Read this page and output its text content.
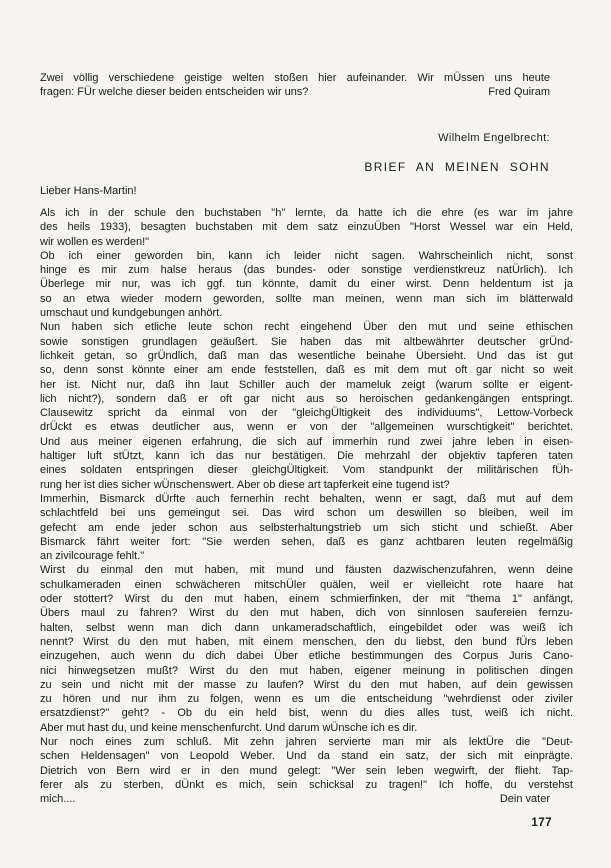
Zwei völlig verschiedene geistige welten stoßen hier aufeinander. Wir mÜssen uns heute
fragen: FÜr welche dieser beiden entscheiden wir uns?	Fred Quiram
Wilhelm Engelbrecht:
BRIEF AN MEINEN SOHN
Lieber Hans-Martin!
Als ich in der schule den buchstaben "h" lernte, da hatte ich die ehre (es war im jahre
des heils 1933), besagten buchstaben mit dem satz einzuÜben "Horst Wessel war ein Held,
wir wollen es werden!"
Ob ich einer geworden bin, kann ich leider nicht sagen. Wahrscheinlich nicht, sonst
hinge es mir zum halse heraus (das bundes- oder sonstige verdienstkreuz natÜrlich). Ich
Überlege mir nur, was ich ggf. tun könnte, damit du einer wirst. Denn heldentum ist ja
so an etwa wieder modern geworden, sollte man meinen, wenn man sich im blätterwald
umschaut und kundgebungen anhört.
Nun haben sich etliche leute schon recht eingehend Über den mut und seine ethischen
sowie sonstigen grundlagen geäußert. Sie haben das mit altbewährter deutscher grÜnd-
lichkeit getan, so grÜndlich, daß man das wesentliche beinahe Übersieht. Und das ist gut
so, denn sonst könnte einer am ende feststellen, daß es mit dem mut oft gar nicht so weit
her ist. Nicht nur, daß ihn laut Schiller auch der mameluk zeigt (warum sollte er eigent-
lich nicht?), sondern daß er oft gar nicht aus so heroischen gedankengängen entspringt.
Clausewitz spricht da einmal von der "gleichgÜltigkeit des individuums", Lettow-Vorbeck
drÜckt es etwas deutlicher aus, wenn er von der "allgemeinen wurschtigkeit" berichtet.
Und aus meiner eigenen erfahrung, die sich auf immerhin rund zwei jahre leben in eisen-
haltiger luft stÜtzt, kann ich das nur bestätigen. Die mehrzahl der objektiv tapferen taten
eines soldaten entspringen dieser gleichgÜltigkeit. Vom standpunkt der militärischen fÜh-
rung her ist dies sicher wÜnschenswert. Aber ob diese art tapferkeit eine tugend ist?
Immerhin, Bismarck dÜrfte auch fernerhin recht behalten, wenn er sagt, daß mut auf dem
schlachtfeld bei uns gemeingut sei. Das wird schon um deswillen so bleiben, weil im
gefecht am ende jeder schon aus selbsterhaltungstrieb um sich sticht und schießt. Aber
Bismarck fährt weiter fort: "Sie werden sehen, daß es ganz achtbaren leuten regelmäßig
an zivilcourage fehlt."
Wirst du einmal den mut haben, mit mund und fäusten dazwischenzufahren, wenn deine
schulkameraden einen schwächeren mitschÜler quälen, weil er vielleicht rote haare hat
oder stottert? Wirst du den mut haben, einem schmierfinken, der mit "thema 1" anfängt,
Übers maul zu fahren? Wirst du den mut haben, dich von sinnlosen saufereien fernzu-
halten, selbst wenn man dich dann unkameradschaftlich, eingebildet oder was weiß ich
nennt? Wirst du den mut haben, mit einem menschen, den du liebst, den bund fÜrs leben
einzugehen, auch wenn du dich dabei Über etliche bestimmungen des Corpus Juris Cano-
nici hinwegsetzen mußt? Wirst du den mut haben, eigener meinung in politischen dingen
zu sein und nicht mit der masse zu laufen? Wirst du den mut haben, auf dein gewissen
zu hören und nur ihm zu folgen, wenn es um die entscheidung "wehrdienst oder ziviler
ersatzdienst?" geht? - Ob du ein held bist, wenn du dies alles tust, weiß ich nicht.
Aber mut hast du, und keine menschenfurcht. Und darum wÜnsche ich es dir.
Nur noch eines zum schluß. Mit zehn jahren servierte man mir als lektÜre die "Deut-
schen Heldensagen" von Leopold Weber. Und da stand ein satz, der sich mit einprägte.
Dietrich von Bern wird er in den mund gelegt: "Wer sein leben wegwirft, der flieht. Tap-
ferer als zu sterben, dÜnkt es mich, sein schicksal zu tragen!" Ich hoffe, du verstehst
mich....	Dein vater
177
